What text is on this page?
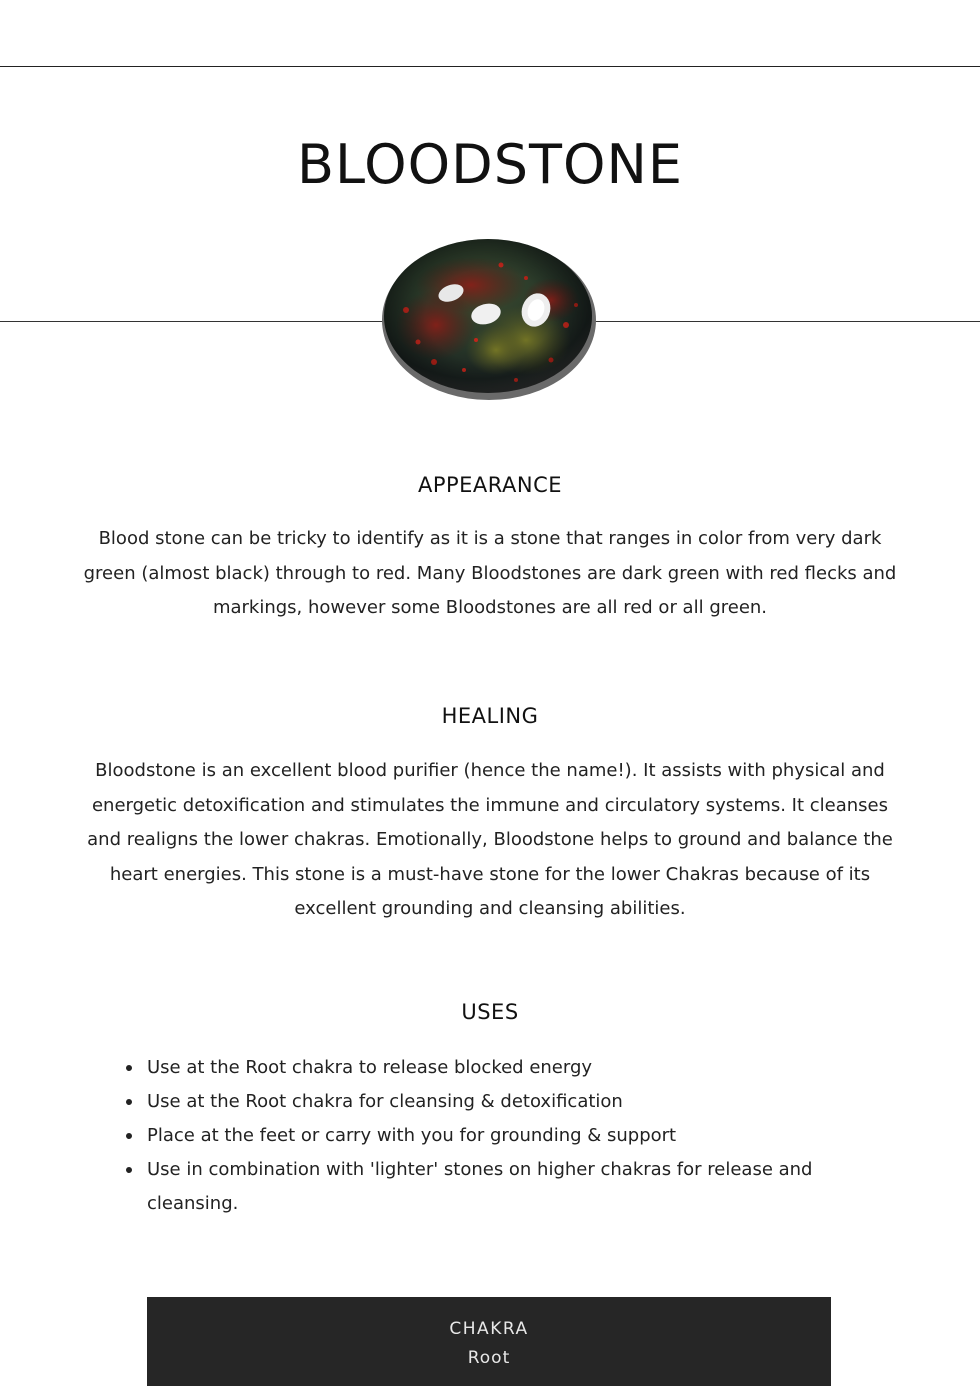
BLOODSTONE
APPEARANCE

Blood stone can be tricky to identify as it is a stone that ranges in color from very dark green (almost black) through to red. Many Bloodstones are dark green with red flecks and markings, however some Bloodstones are all red or all green.

HEALING

Bloodstone is an excellent blood purifier (hence the name!). It assists with physical and energetic detoxification and stimulates the immune and circulatory systems. It cleanses and realigns the lower chakras. Emotionally, Bloodstone helps to ground and balance the heart energies. This stone is a must-have stone for the lower Chakras because of its excellent grounding and cleansing abilities.

USES
Use at the Root chakra to release blocked energy
Use at the Root chakra for cleansing & detoxification
Place at the feet or carry with you for grounding & support
Use in combination with 'lighter' stones on higher chakras for release and cleansing.
CHAKRA
Root
